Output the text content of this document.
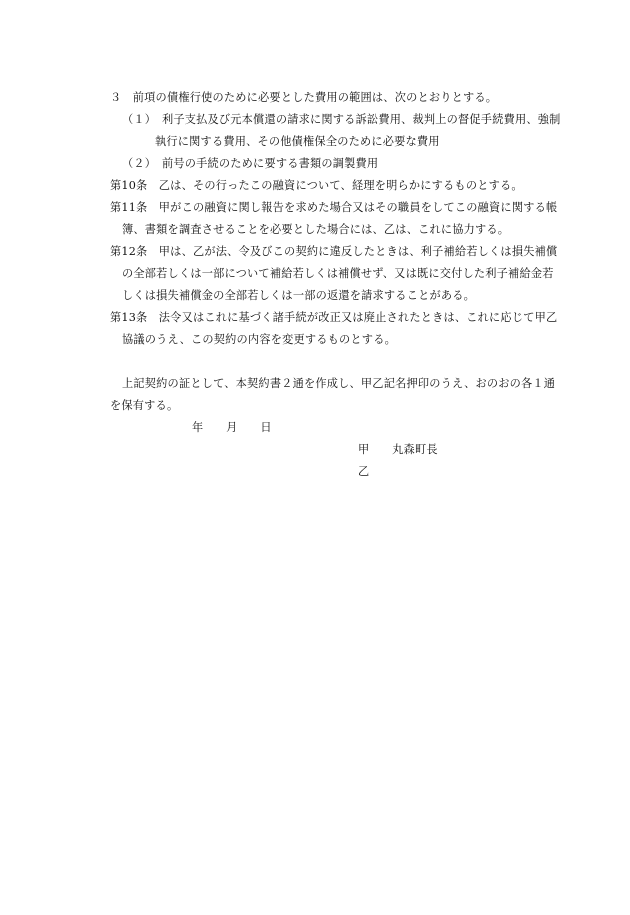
３　前項の債権行使のために必要とした費用の範囲は、次のとおりとする。
（１）　利子支払及び元本償還の請求に関する訴訟費用、裁判上の督促手続費用、強制
執行に関する費用、その他債権保全のために必要な費用
（２）　前号の手続のために要する書類の調製費用
第10条　乙は、その行ったこの融資について、経理を明らかにするものとする。
第11条　甲がこの融資に関し報告を求めた場合又はその職員をしてこの融資に関する帳
簿、書類を調査させることを必要とした場合には、乙は、これに協力する。
第12条　甲は、乙が法、令及びこの契約に違反したときは、利子補給若しくは損失補償
の全部若しくは一部について補給若しくは補償せず、又は既に交付した利子補給金若
しくは損失補償金の全部若しくは一部の返還を請求することがある。
第13条　法令又はこれに基づく諸手続が改正又は廃止されたときは、これに応じて甲乙
協議のうえ、この契約の内容を変更するものとする。
上記契約の証として、本契約書２通を作成し、甲乙記名押印のうえ、おのおの各１通
を保有する。
年　　月　　日
甲　　丸森町長
乙
